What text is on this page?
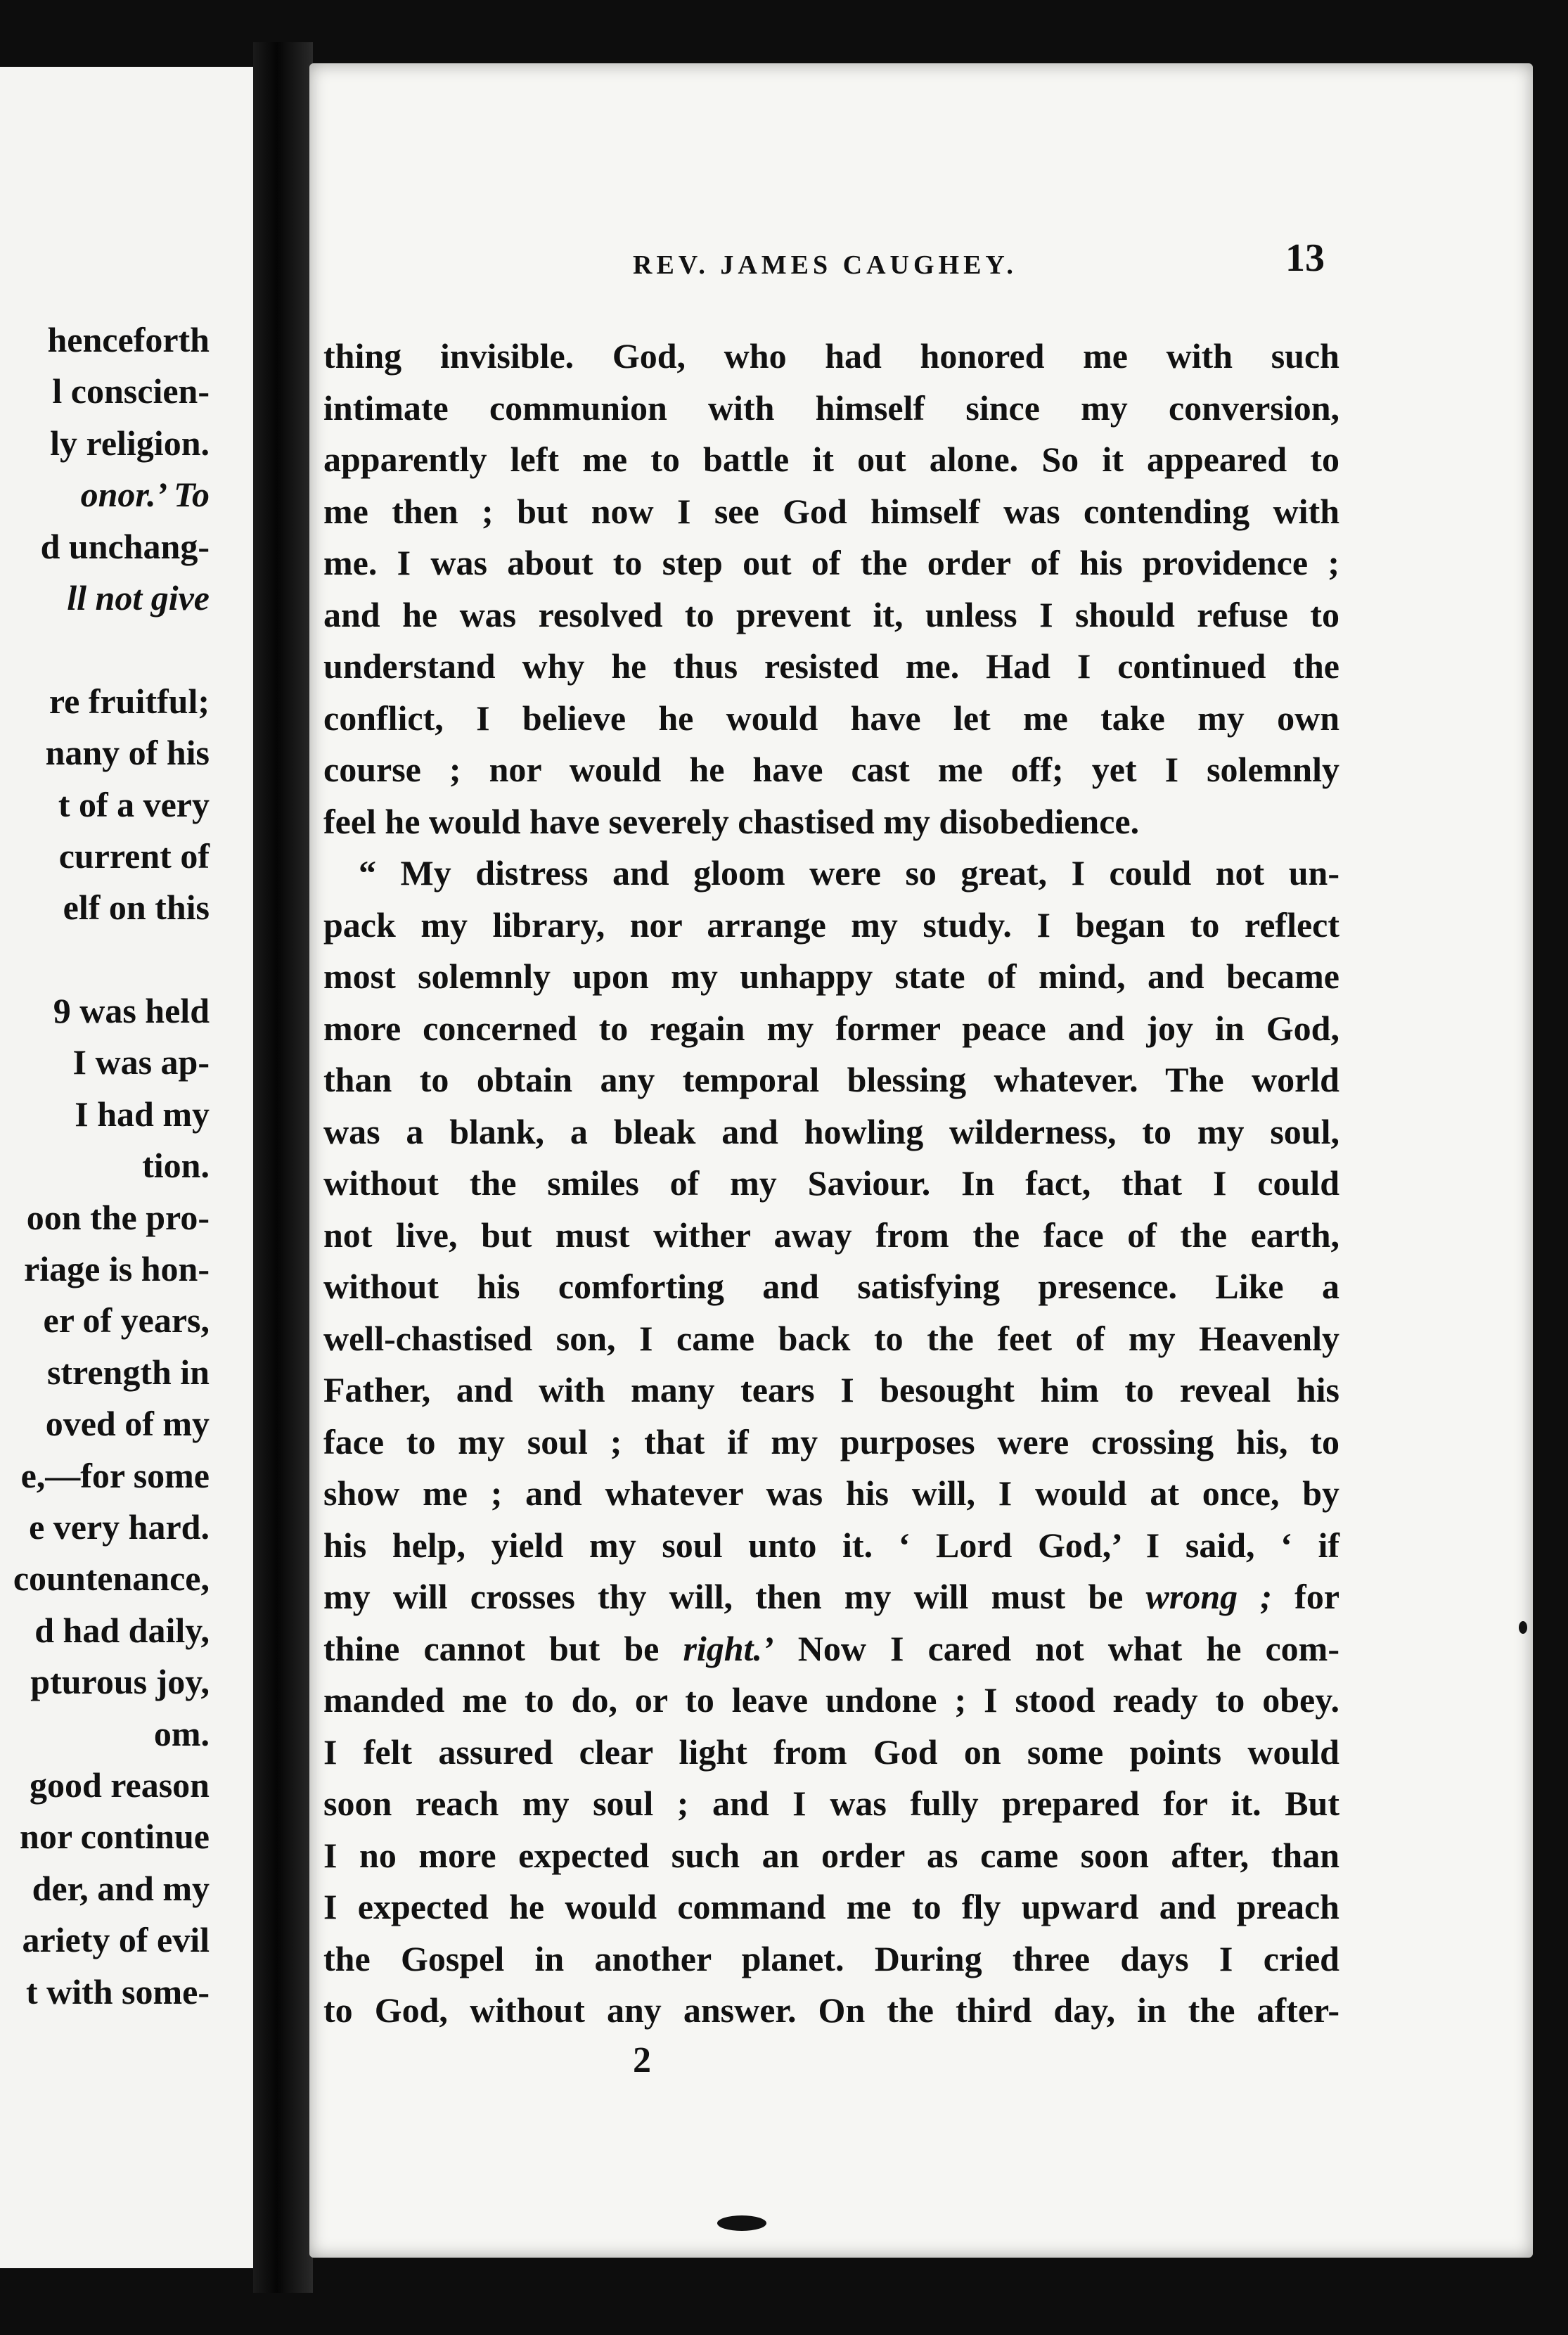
henceforth
l conscien-
ly religion.
onor.’ To
d unchang-
ll not give
re fruitful;
nany of his
t of a very
current of
elf on this
9 was held
I was ap-
I had my
tion.
oon the pro-
riage is hon-
er of years,
strength in
oved of my
e,—for some
e very hard.
countenance,
d had daily,
pturous joy,
om.
good reason
nor continue
der, and my
ariety of evil
t with some-
REV. JAMES CAUGHEY.	13
thing invisible. God, who had honored me with such
intimate communion with himself since my conversion,
apparently left me to battle it out alone. So it appeared to
me then ; but now I see God himself was contending with
me. I was about to step out of the order of his providence ;
and he was resolved to prevent it, unless I should refuse to
understand why he thus resisted me. Had I continued the
conflict, I believe he would have let me take my own
course ; nor would he have cast me off; yet I solemnly
feel he would have severely chastised my disobedience.
“ My distress and gloom were so great, I could not un-
pack my library, nor arrange my study. I began to reflect
most solemnly upon my unhappy state of mind, and became
more concerned to regain my former peace and joy in God,
than to obtain any temporal blessing whatever. The world
was a blank, a bleak and howling wilderness, to my soul,
without the smiles of my Saviour. In fact, that I could
not live, but must wither away from the face of the earth,
without his comforting and satisfying presence. Like a
well-chastised son, I came back to the feet of my Heavenly
Father, and with many tears I besought him to reveal his
face to my soul ; that if my purposes were crossing his, to
show me ; and whatever was his will, I would at once, by
his help, yield my soul unto it. ‘ Lord God,’ I said, ‘ if
my will crosses thy will, then my will must be wrong ; for
thine cannot but be right.’ Now I cared not what he com-
manded me to do, or to leave undone ; I stood ready to obey.
I felt assured clear light from God on some points would
soon reach my soul ; and I was fully prepared for it. But
I no more expected such an order as came soon after, than
I expected he would command me to fly upward and preach
the Gospel in another planet. During three days I cried
to God, without any answer. On the third day, in the after-
2
